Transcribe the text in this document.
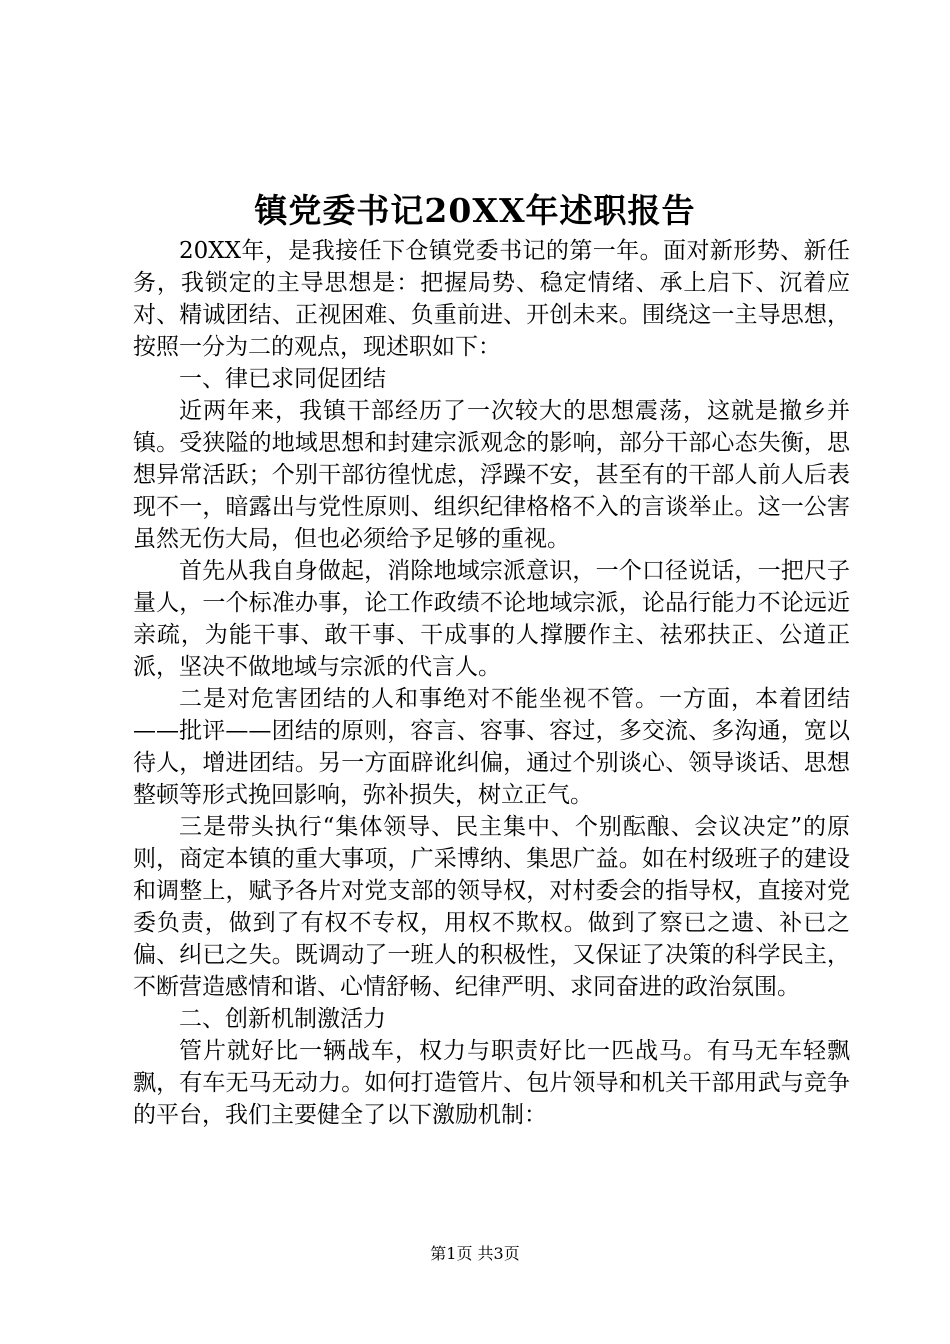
镇党委书记20XX年述职报告

20XX年，是我接任下仓镇党委书记的第一年。面对新形势、新任务，我锁定的主导思想是：把握局势、稳定情绪、承上启下、沉着应对、精诚团结、正视困难、负重前进、开创未来。围绕这一主导思想，按照一分为二的观点，现述职如下：

一、律已求同促团结

近两年来，我镇干部经历了一次较大的思想震荡，这就是撤乡并镇。受狭隘的地域思想和封建宗派观念的影响，部分干部心态失衡，思想异常活跃；个别干部彷徨忧虑，浮躁不安，甚至有的干部人前人后表现不一，暗露出与党性原则、组织纪律格格不入的言谈举止。这一公害虽然无伤大局，但也必须给予足够的重视。

首先从我自身做起，消除地域宗派意识，一个口径说话，一把尺子量人，一个标准办事，论工作政绩不论地域宗派，论品行能力不论远近亲疏，为能干事、敢干事、干成事的人撑腰作主、祛邪扶正、公道正派，坚决不做地域与宗派的代言人。

二是对危害团结的人和事绝对不能坐视不管。一方面，本着团结——批评——团结的原则，容言、容事、容过，多交流、多沟通，宽以待人，增进团结。另一方面辟讹纠偏，通过个别谈心、领导谈话、思想整顿等形式挽回影响，弥补损失，树立正气。

三是带头执行“集体领导、民主集中、个别酝酿、会议决定”的原则，商定本镇的重大事项，广采博纳、集思广益。如在村级班子的建设和调整上，赋予各片对党支部的领导权，对村委会的指导权，直接对党委负责，做到了有权不专权，用权不欺权。做到了察已之遗、补已之偏、纠已之失。既调动了一班人的积极性，又保证了决策的科学民主，不断营造感情和谐、心情舒畅、纪律严明、求同奋进的政治氛围。

二、创新机制激活力

管片就好比一辆战车，权力与职责好比一匹战马。有马无车轻飘飘，有车无马无动力。如何打造管片、包片领导和机关干部用武与竞争的平台，我们主要健全了以下激励机制：

第1页 共3页
